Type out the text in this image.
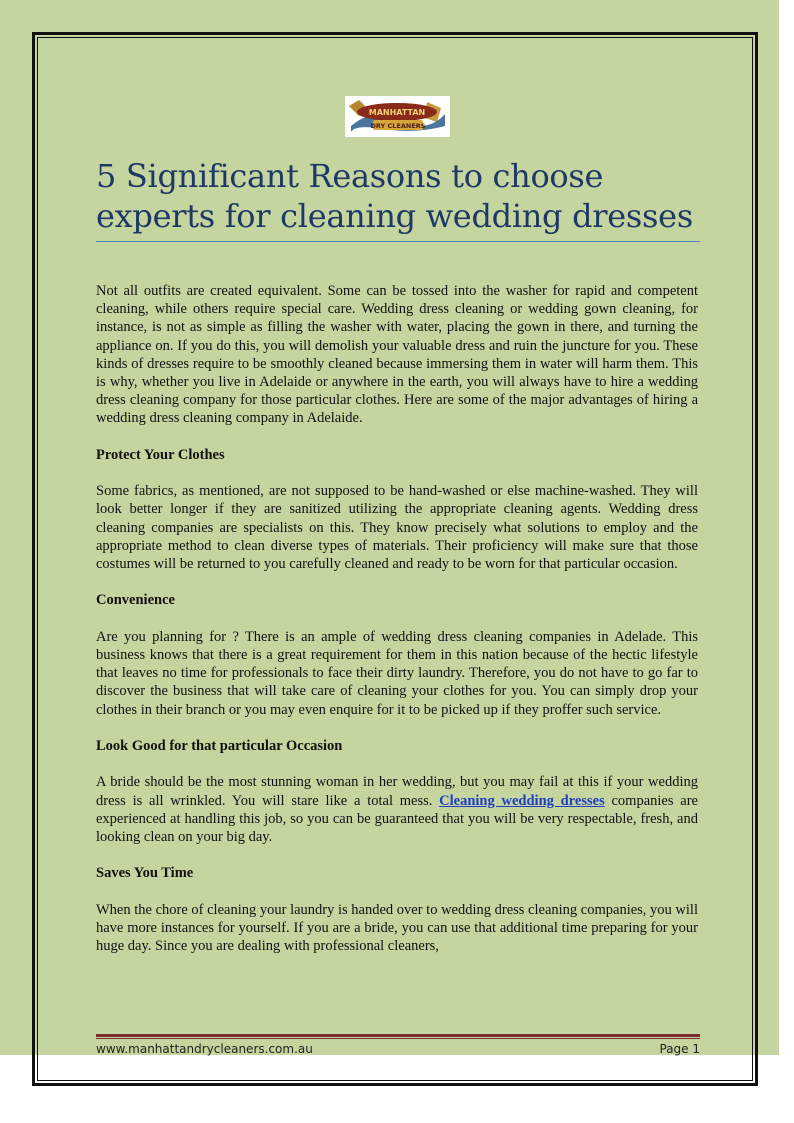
MANHATTAN
DRY CLEANERS
5 Significant Reasons to choose experts for cleaning wedding dresses

Not all outfits are created equivalent. Some can be tossed into the washer for rapid and competent cleaning, while others require special care. Wedding dress cleaning or wedding gown cleaning, for instance, is not as simple as filling the washer with water, placing the gown in there, and turning the appliance on. If you do this, you will demolish your valuable dress and ruin the juncture for you. These kinds of dresses require to be smoothly cleaned because immersing them in water will harm them. This is why, whether you live in Adelaide or anywhere in the earth, you will always have to hire a wedding dress cleaning company for those particular clothes. Here are some of the major advantages of hiring a wedding dress cleaning company in Adelaide.

Protect Your Clothes

Some fabrics, as mentioned, are not supposed to be hand-washed or else machine-washed. They will look better longer if they are sanitized utilizing the appropriate cleaning agents. Wedding dress cleaning companies are specialists on this. They know precisely what solutions to employ and the appropriate method to clean diverse types of materials. Their proficiency will make sure that those costumes will be returned to you carefully cleaned and ready to be worn for that particular occasion.

Convenience

Are you planning for ? There is an ample of wedding dress cleaning companies in Adelade. This business knows that there is a great requirement for them in this nation because of the hectic lifestyle that leaves no time for professionals to face their dirty laundry. Therefore, you do not have to go far to discover the business that will take care of cleaning your clothes for you. You can simply drop your clothes in their branch or you may even enquire for it to be picked up if they proffer such service.

Look Good for that particular Occasion

A bride should be the most stunning woman in her wedding, but you may fail at this if your wedding dress is all wrinkled. You will stare like a total mess. Cleaning wedding dresses companies are experienced at handling this job, so you can be guaranteed that you will be very respectable, fresh, and looking clean on your big day.

Saves You Time

When the chore of cleaning your laundry is handed over to wedding dress cleaning companies, you will have more instances for yourself. If you are a bride, you can use that additional time preparing for your huge day. Since you are dealing with professional cleaners,

www.manhattandrycleaners.com.au	Page 1
